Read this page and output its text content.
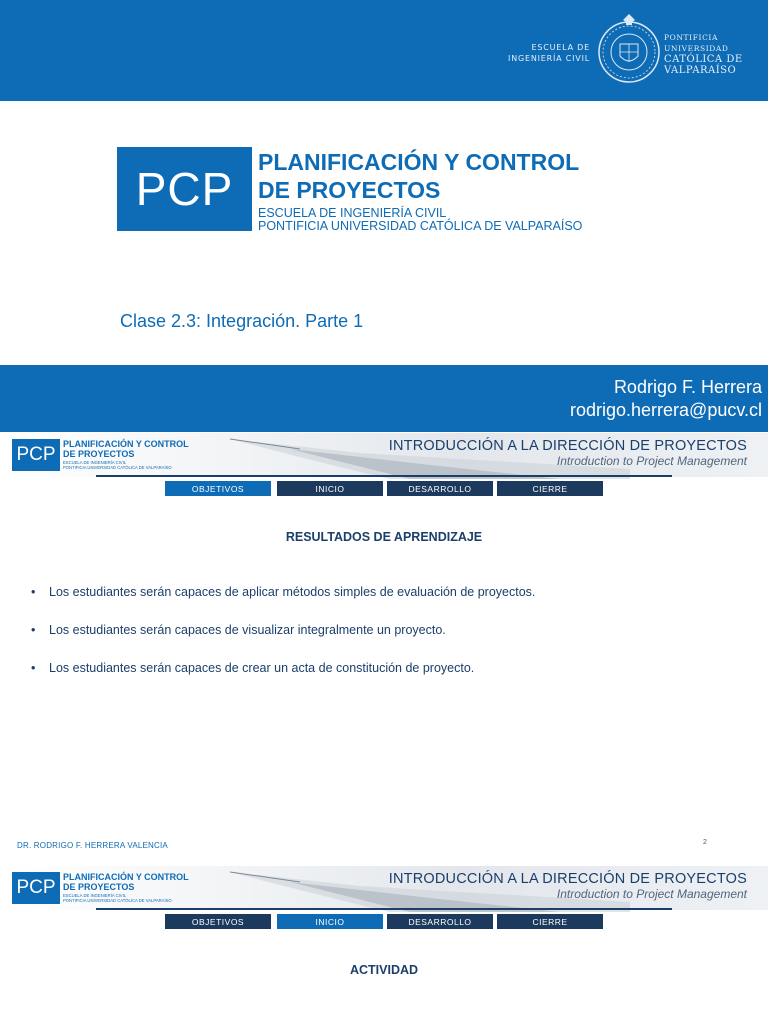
ESCUELA DE
INGENIERÍA CIVIL
PONTIFICIA
UNIVERSIDAD
CATÓLICA DE
VALPARAÍSO
PCP
PLANIFICACIÓN Y CONTROL
DE PROYECTOS
ESCUELA DE INGENIERÍA CIVIL
PONTIFICIA UNIVERSIDAD CATÓLICA DE VALPARAÍSO
Clase 2.3: Integración. Parte 1
Rodrigo F. Herrera
rodrigo.herrera@pucv.cl
PCP PLANIFICACIÓN Y CONTROL
DE PROYECTOS
ESCUELA DE INGENIERÍA CIVIL
PONTIFICIA UNIVERSIDAD CATÓLICA DE VALPARAÍSO
INTRODUCCIÓN A LA DIRECCIÓN DE PROYECTOS
Introduction to Project Management
OBJETIVOS	INICIO	DESARROLLO	CIERRE
RESULTADOS DE APRENDIZAJE
• Los estudiantes serán capaces de aplicar métodos simples de evaluación de proyectos.
• Los estudiantes serán capaces de visualizar integralmente un proyecto.
• Los estudiantes serán capaces de crear un acta de constitución de proyecto.
DR. RODRIGO F. HERRERA VALENCIA	2
PCP PLANIFICACIÓN Y CONTROL
DE PROYECTOS
ESCUELA DE INGENIERÍA CIVIL
PONTIFICIA UNIVERSIDAD CATÓLICA DE VALPARAÍSO
INTRODUCCIÓN A LA DIRECCIÓN DE PROYECTOS
Introduction to Project Management
OBJETIVOS	INICIO	DESARROLLO	CIERRE
ACTIVIDAD
